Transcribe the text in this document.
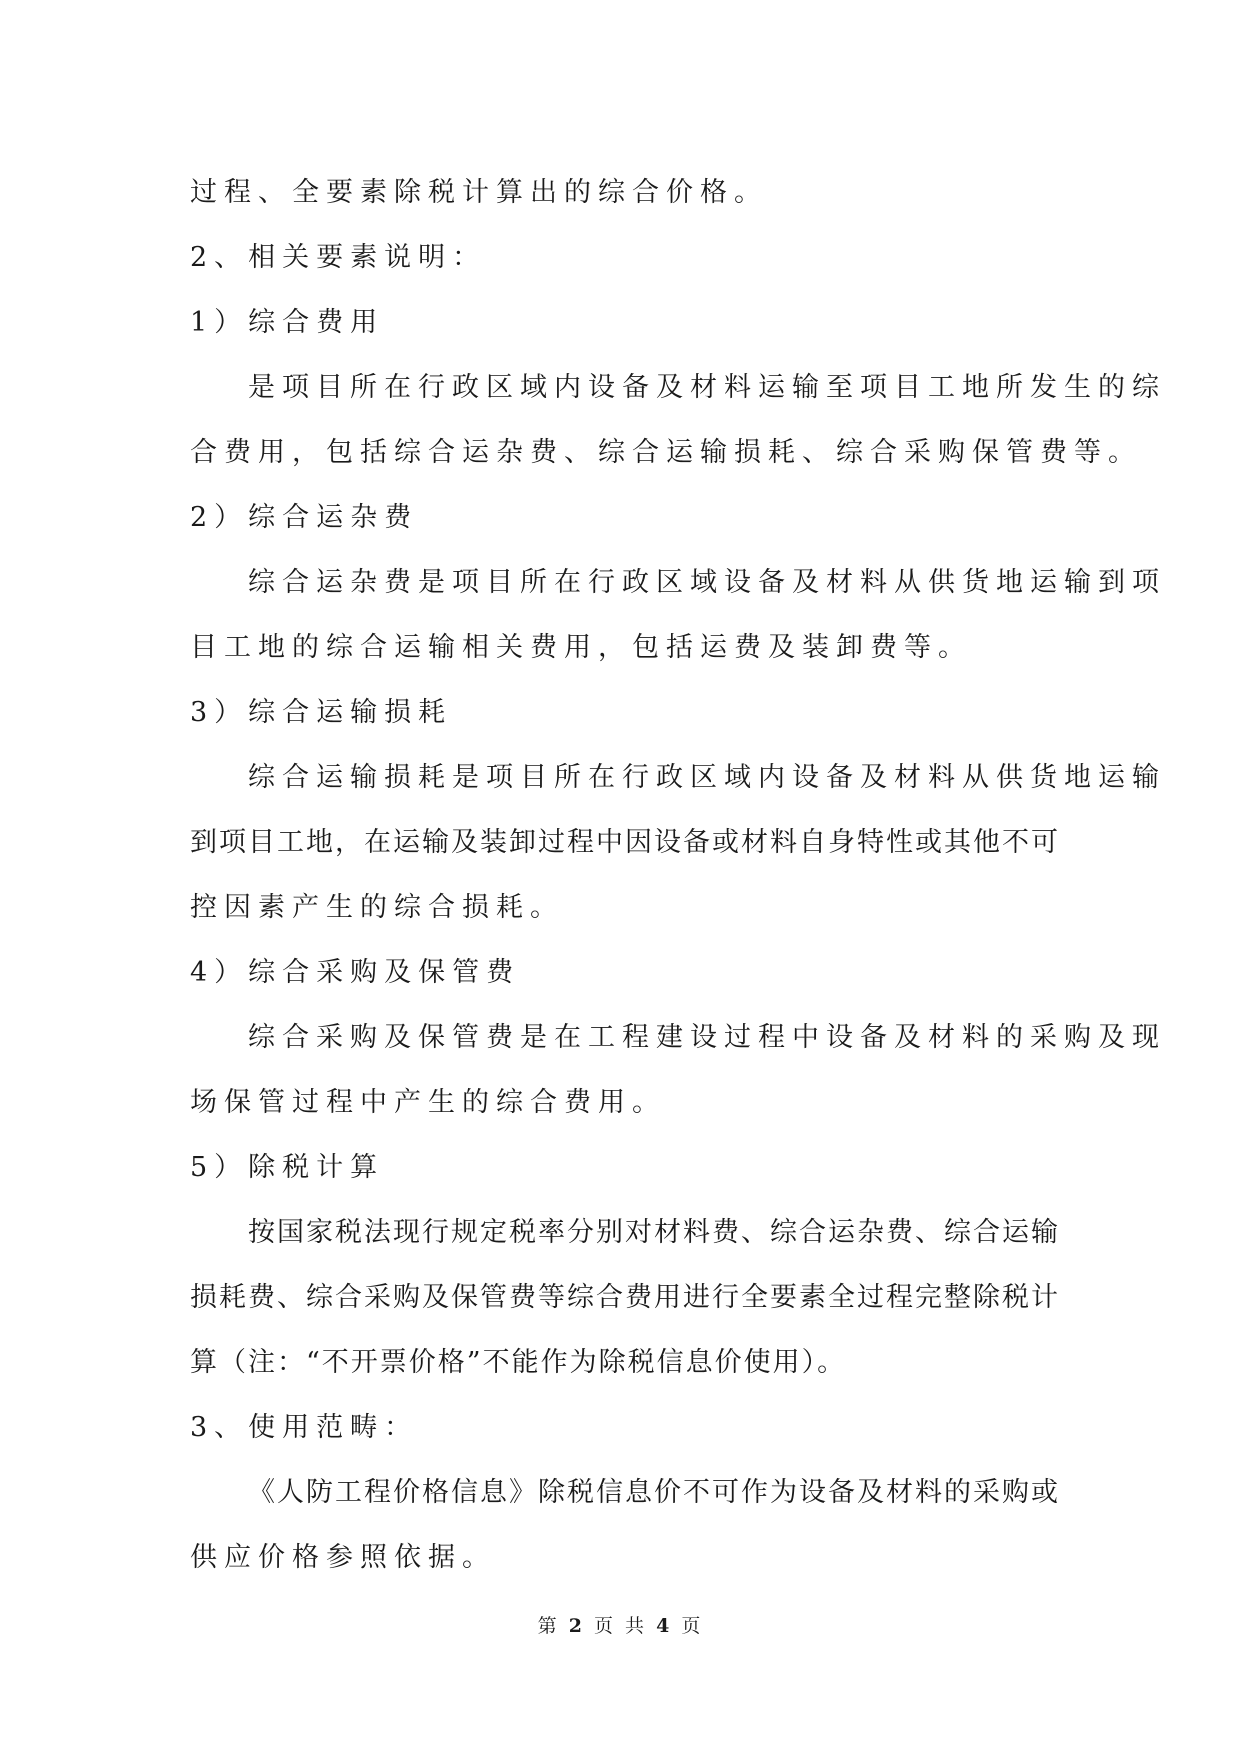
过程、全要素除税计算出的综合价格。

2、相关要素说明：

1）综合费用

是项目所在行政区域内设备及材料运输至项目工地所发生的综

合费用，包括综合运杂费、综合运输损耗、综合采购保管费等。

2）综合运杂费

综合运杂费是项目所在行政区域设备及材料从供货地运输到项

目工地的综合运输相关费用，包括运费及装卸费等。

3）综合运输损耗

综合运输损耗是项目所在行政区域内设备及材料从供货地运输

到项目工地，在运输及装卸过程中因设备或材料自身特性或其他不可

控因素产生的综合损耗。

4）综合采购及保管费

综合采购及保管费是在工程建设过程中设备及材料的采购及现

场保管过程中产生的综合费用。

5）除税计算

按国家税法现行规定税率分别对材料费、综合运杂费、综合运输

损耗费、综合采购及保管费等综合费用进行全要素全过程完整除税计

算（注：“不开票价格”不能作为除税信息价使用）。

3、使用范畴：

《人防工程价格信息》除税信息价不可作为设备及材料的采购或

供应价格参照依据。

第 2 页 共 4 页
